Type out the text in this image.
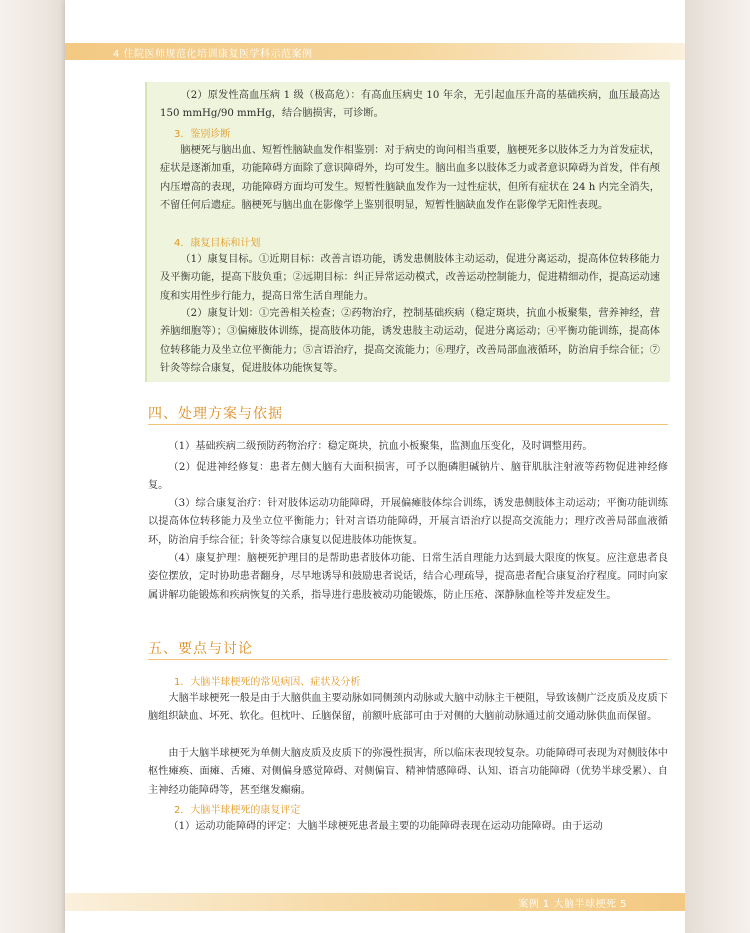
4 住院医师规范化培训康复医学科示范案例

（2）原发性高血压病 1 级（极高危）：有高血压病史 10 年余，无引起血压升高的基础疾病，血压最高达 150 mmHg/90 mmHg，结合脑损害，可诊断。

3．鉴别诊断

脑梗死与脑出血、短暂性脑缺血发作相鉴别：对于病史的询问相当重要，脑梗死多以肢体乏力为首发症状，症状是逐渐加重，功能障碍方面除了意识障碍外，均可发生。脑出血多以肢体乏力或者意识障碍为首发，伴有颅内压增高的表现，功能障碍方面均可发生。短暂性脑缺血发作为一过性症状，但所有症状在 24 h 内完全消失，不留任何后遗症。脑梗死与脑出血在影像学上鉴别很明显，短暂性脑缺血发作在影像学无阳性表现。

4．康复目标和计划

（1）康复目标。①近期目标：改善言语功能，诱发患侧肢体主动运动，促进分离运动，提高体位转移能力及平衡功能，提高下肢负重；②远期目标：纠正异常运动模式，改善运动控制能力，促进精细动作，提高运动速度和实用性步行能力，提高日常生活自理能力。

（2）康复计划：①完善相关检查；②药物治疗，控制基础疾病（稳定斑块，抗血小板聚集，营养神经，营养脑细胞等）；③偏瘫肢体训练，提高肢体功能，诱发患肢主动运动，促进分离运动；④平衡功能训练，提高体位转移能力及坐立位平衡能力；⑤言语治疗，提高交流能力；⑥理疗，改善局部血液循环，防治肩手综合征；⑦针灸等综合康复，促进肢体功能恢复等。

四、处理方案与依据

（1）基础疾病二级预防药物治疗：稳定斑块，抗血小板聚集，监测血压变化，及时调整用药。

（2）促进神经修复：患者左侧大脑有大面积损害，可予以胞磷胆碱钠片、脑苷肌肽注射液等药物促进神经修复。

（3）综合康复治疗：针对肢体运动功能障碍，开展偏瘫肢体综合训练，诱发患侧肢体主动运动；平衡功能训练以提高体位转移能力及坐立位平衡能力；针对言语功能障碍，开展言语治疗以提高交流能力；理疗改善局部血液循环，防治肩手综合征；针灸等综合康复以促进肢体功能恢复。

（4）康复护理：脑梗死护理目的是帮助患者肢体功能、日常生活自理能力达到最大限度的恢复。应注意患者良姿位摆放，定时协助患者翻身，尽早地诱导和鼓励患者说话，结合心理疏导，提高患者配合康复治疗程度。同时向家属讲解功能锻炼和疾病恢复的关系，指导进行患肢被动功能锻炼，防止压疮、深静脉血栓等并发症发生。

五、要点与讨论

1．大脑半球梗死的常见病因、症状及分析

大脑半球梗死一般是由于大脑供血主要动脉如同侧颈内动脉或大脑中动脉主干梗阻，导致该侧广泛皮质及皮质下脑组织缺血、坏死、软化。但枕叶、丘脑保留，前额叶底部可由于对侧的大脑前动脉通过前交通动脉供血而保留。

由于大脑半球梗死为单侧大脑皮质及皮质下的弥漫性损害，所以临床表现较复杂。功能障碍可表现为对侧肢体中枢性瘫痪、面瘫、舌瘫、对侧偏身感觉障碍、对侧偏盲、精神情感障碍、认知、语言功能障碍（优势半球受累）、自主神经功能障碍等，甚至继发癫痫。

2．大脑半球梗死的康复评定

（1）运动功能障碍的评定：大脑半球梗死患者最主要的功能障碍表现在运动功能障碍。由于运动

案例 1 大脑半球梗死 5
